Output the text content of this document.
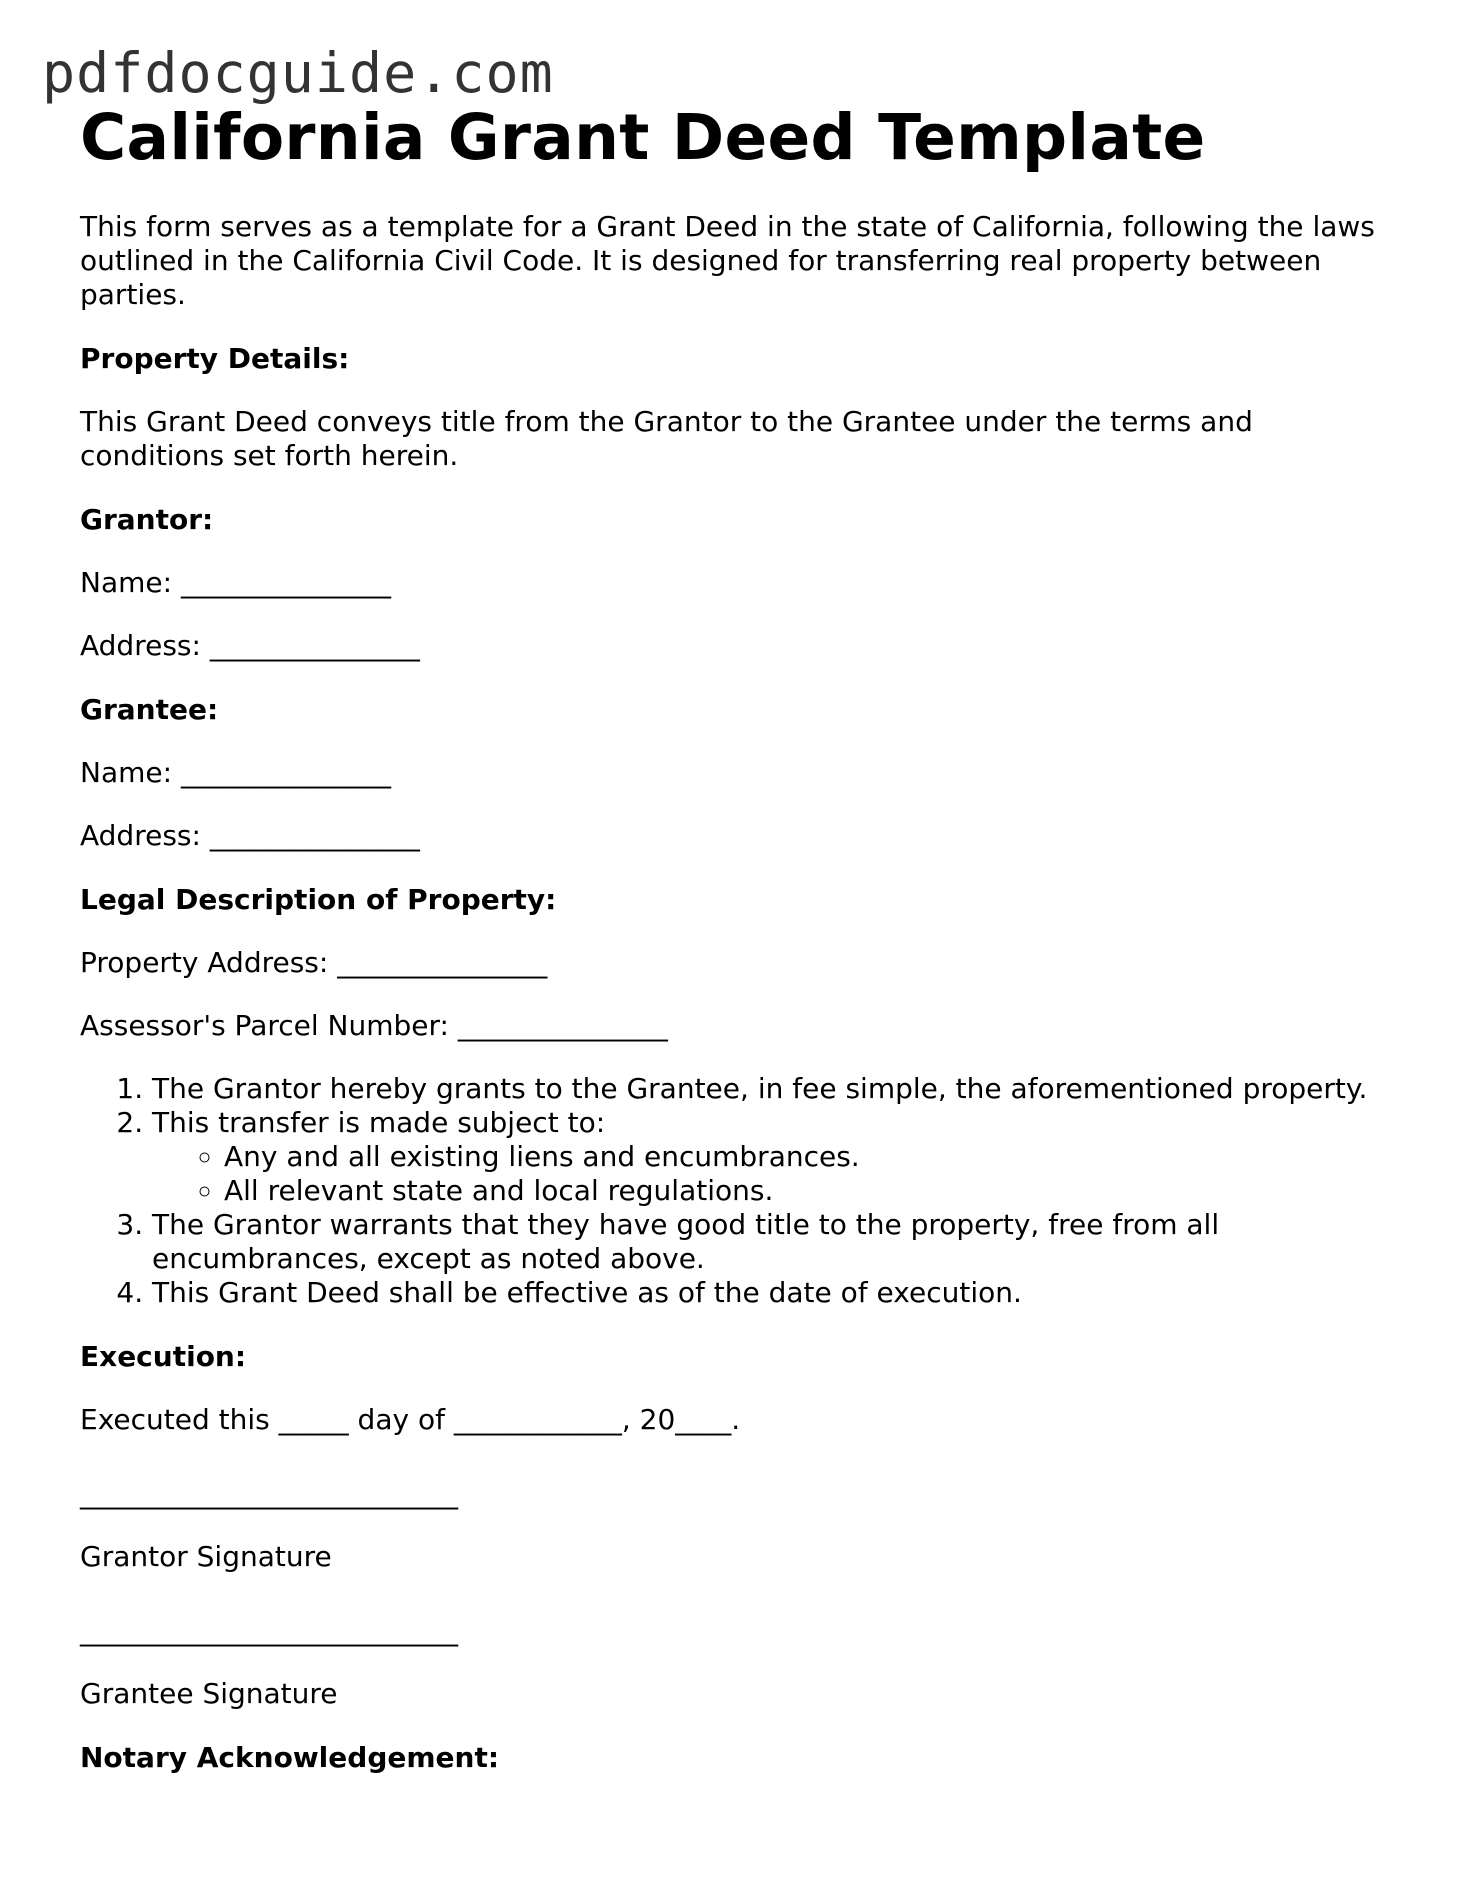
pdfdocguide.com

California Grant Deed Template

This form serves as a template for a Grant Deed in the state of California, following the laws outlined in the California Civil Code. It is designed for transferring real property between parties.

Property Details:

This Grant Deed conveys title from the Grantor to the Grantee under the terms and conditions set forth herein.

Grantor:

Name: _______________

Address: _______________

Grantee:

Name: _______________

Address: _______________

Legal Description of Property:

Property Address: _______________

Assessor's Parcel Number: _______________

1. The Grantor hereby grants to the Grantee, in fee simple, the aforementioned property.
2. This transfer is made subject to:
◦ Any and all existing liens and encumbrances.
◦ All relevant state and local regulations.
3. The Grantor warrants that they have good title to the property, free from all encumbrances, except as noted above.
4. This Grant Deed shall be effective as of the date of execution.

Execution:

Executed this _____ day of ____________, 20____.

___________________________

Grantor Signature

___________________________

Grantee Signature

Notary Acknowledgement:
